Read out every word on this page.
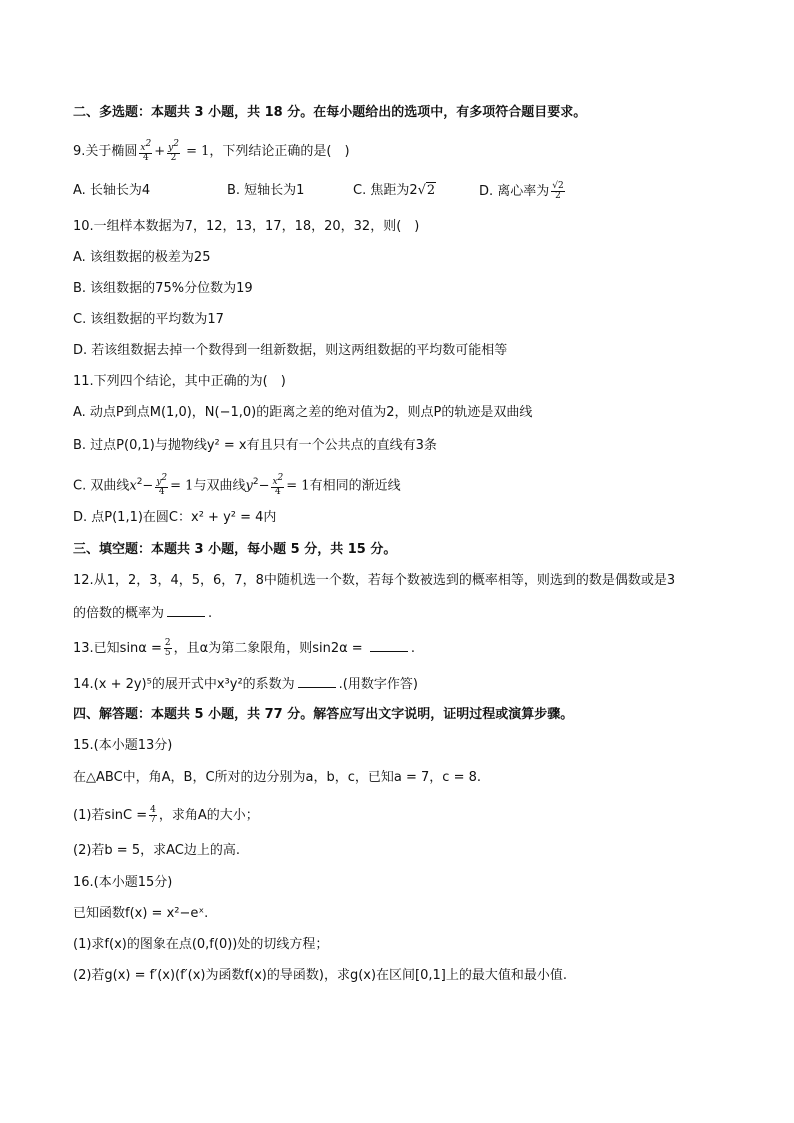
二、多选题：本题共 3 小题，共 18 分。在每小题给出的选项中，有多项符合题目要求。
9.关于椭圆 $\frac{x^2}{4} + \frac{y^2}{2} = 1$，下列结论正确的是(　)
A. 长轴长为4	B. 短轴长为1	C. 焦距为2√2	D. 离心率为 $\frac{√2}{2}$
10.一组样本数据为7，12，13，17，18，20，32，则(　)
A. 该组数据的极差为25
B. 该组数据的75%分位数为19
C. 该组数据的平均数为17
D. 若该组数据去掉一个数得到一组新数据，则这两组数据的平均数可能相等
11.下列四个结论，其中正确的为(　)
A. 动点P到点M(1,0)，N(−1,0)的距离之差的绝对值为2，则点P的轨迹是双曲线
B. 过点P(0,1)与抛物线y² = x有且只有一个公共点的直线有3条
C. 双曲线$x^2- \frac{y^2}{4} = 1$与双曲线$y^2- \frac{x^2}{4} = 1$有相同的渐近线
D. 点P(1,1)在圆C：x² + y² = 4内
三、填空题：本题共 3 小题，每小题 5 分，共 15 分。
12.从1，2，3，4，5，6，7，8中随机选一个数，若每个数被选到的概率相等，则选到的数是偶数或是3
的倍数的概率为	.
13.已知$\sin\alpha = \frac{2}{5}$ ，且α为第二象限角，则sin2α =	.
14.(x + 2y)⁵的展开式中x³y²的系数为	.(用数字作答)
四、解答题：本题共 5 小题，共 77 分。解答应写出文字说明，证明过程或演算步骤。
15.(本小题13分)
在△ABC中，角A，B，C所对的边分别为a，b，c，已知a = 7，c = 8.
(1)若$\sin C = \frac{4}{7}$ ，求角A的大小；
(2)若b = 5，求AC边上的高.
16.(本小题15分)
已知函数f(x) = x²−eˣ.
(1)求f(x)的图象在点(0,f(0))处的切线方程；
(2)若g(x) = f′(x)(f′(x)为函数f(x)的导函数)，求g(x)在区间[0,1]上的最大值和最小值.
